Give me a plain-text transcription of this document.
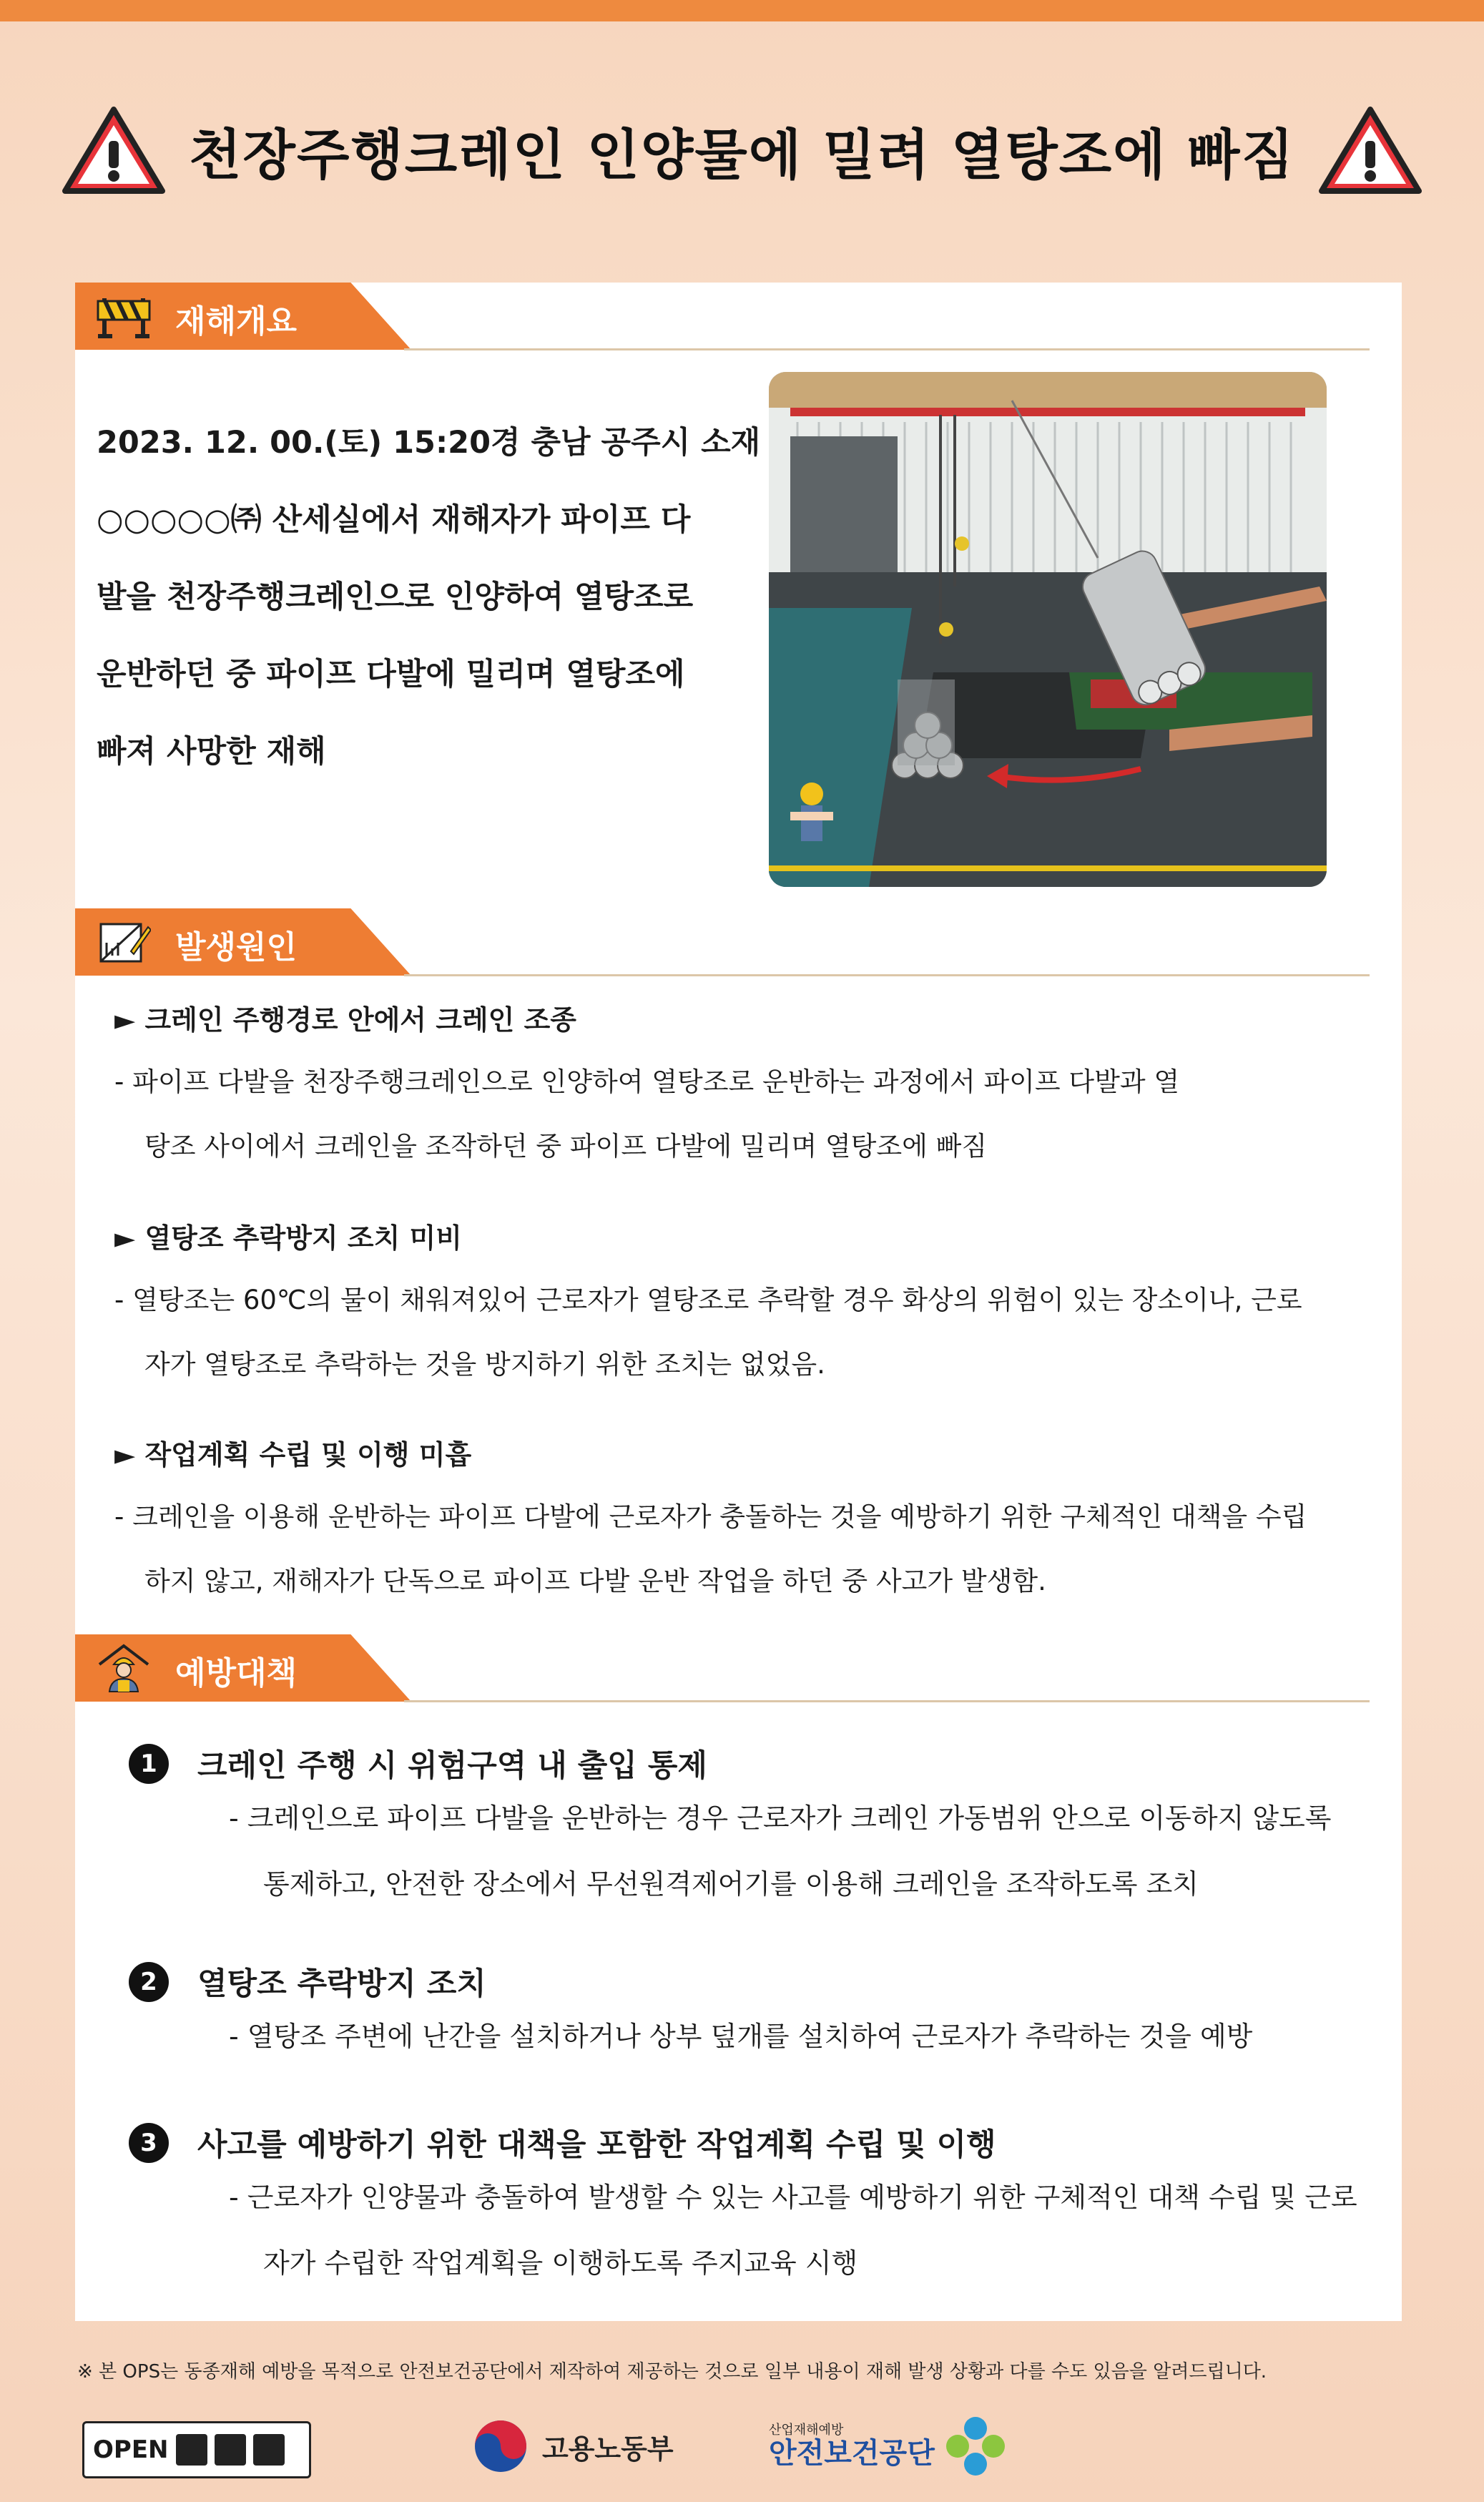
천장주행크레인 인양물에 밀려 열탕조에 빠짐
재해개요
2023. 12. 00.(토) 15:20경 충남 공주시 소재
○○○○○㈜ 산세실에서 재해자가 파이프 다
발을 천장주행크레인으로 인양하여 열탕조로
운반하던 중 파이프 다발에 밀리며 열탕조에
빠져 사망한 재해
발생원인
► 크레인 주행경로 안에서 크레인 조종
- 파이프 다발을 천장주행크레인으로 인양하여 열탕조로 운반하는 과정에서 파이프 다발과 열
탕조 사이에서 크레인을 조작하던 중 파이프 다발에 밀리며 열탕조에 빠짐
► 열탕조 추락방지 조치 미비
- 열탕조는 60℃의 물이 채워져있어 근로자가 열탕조로 추락할 경우 화상의 위험이 있는 장소이나, 근로
자가 열탕조로 추락하는 것을 방지하기 위한 조치는 없었음.
► 작업계획 수립 및 이행 미흡
- 크레인을 이용해 운반하는 파이프 다발에 근로자가 충돌하는 것을 예방하기 위한 구체적인 대책을 수립
하지 않고, 재해자가 단독으로 파이프 다발 운반 작업을 하던 중 사고가 발생함.
예방대책
1	크레인 주행 시 위험구역 내 출입 통제
- 크레인으로 파이프 다발을 운반하는 경우 근로자가 크레인 가동범위 안으로 이동하지 않도록
통제하고, 안전한 장소에서 무선원격제어기를 이용해 크레인을 조작하도록 조치
2	열탕조 추락방지 조치
- 열탕조 주변에 난간을 설치하거나 상부 덮개를 설치하여 근로자가 추락하는 것을 예방
3	사고를 예방하기 위한 대책을 포함한 작업계획 수립 및 이행
- 근로자가 인양물과 충돌하여 발생할 수 있는 사고를 예방하기 위한 구체적인 대책 수립 및 근로
자가 수립한 작업계획을 이행하도록 주지교육 시행
※ 본 OPS는 동종재해 예방을 목적으로 안전보건공단에서 제작하여 제공하는 것으로 일부 내용이 재해 발생 상황과 다를 수도 있음을 알려드립니다.
OPEN	고용노동부
산업재해예방
안전보건공단
